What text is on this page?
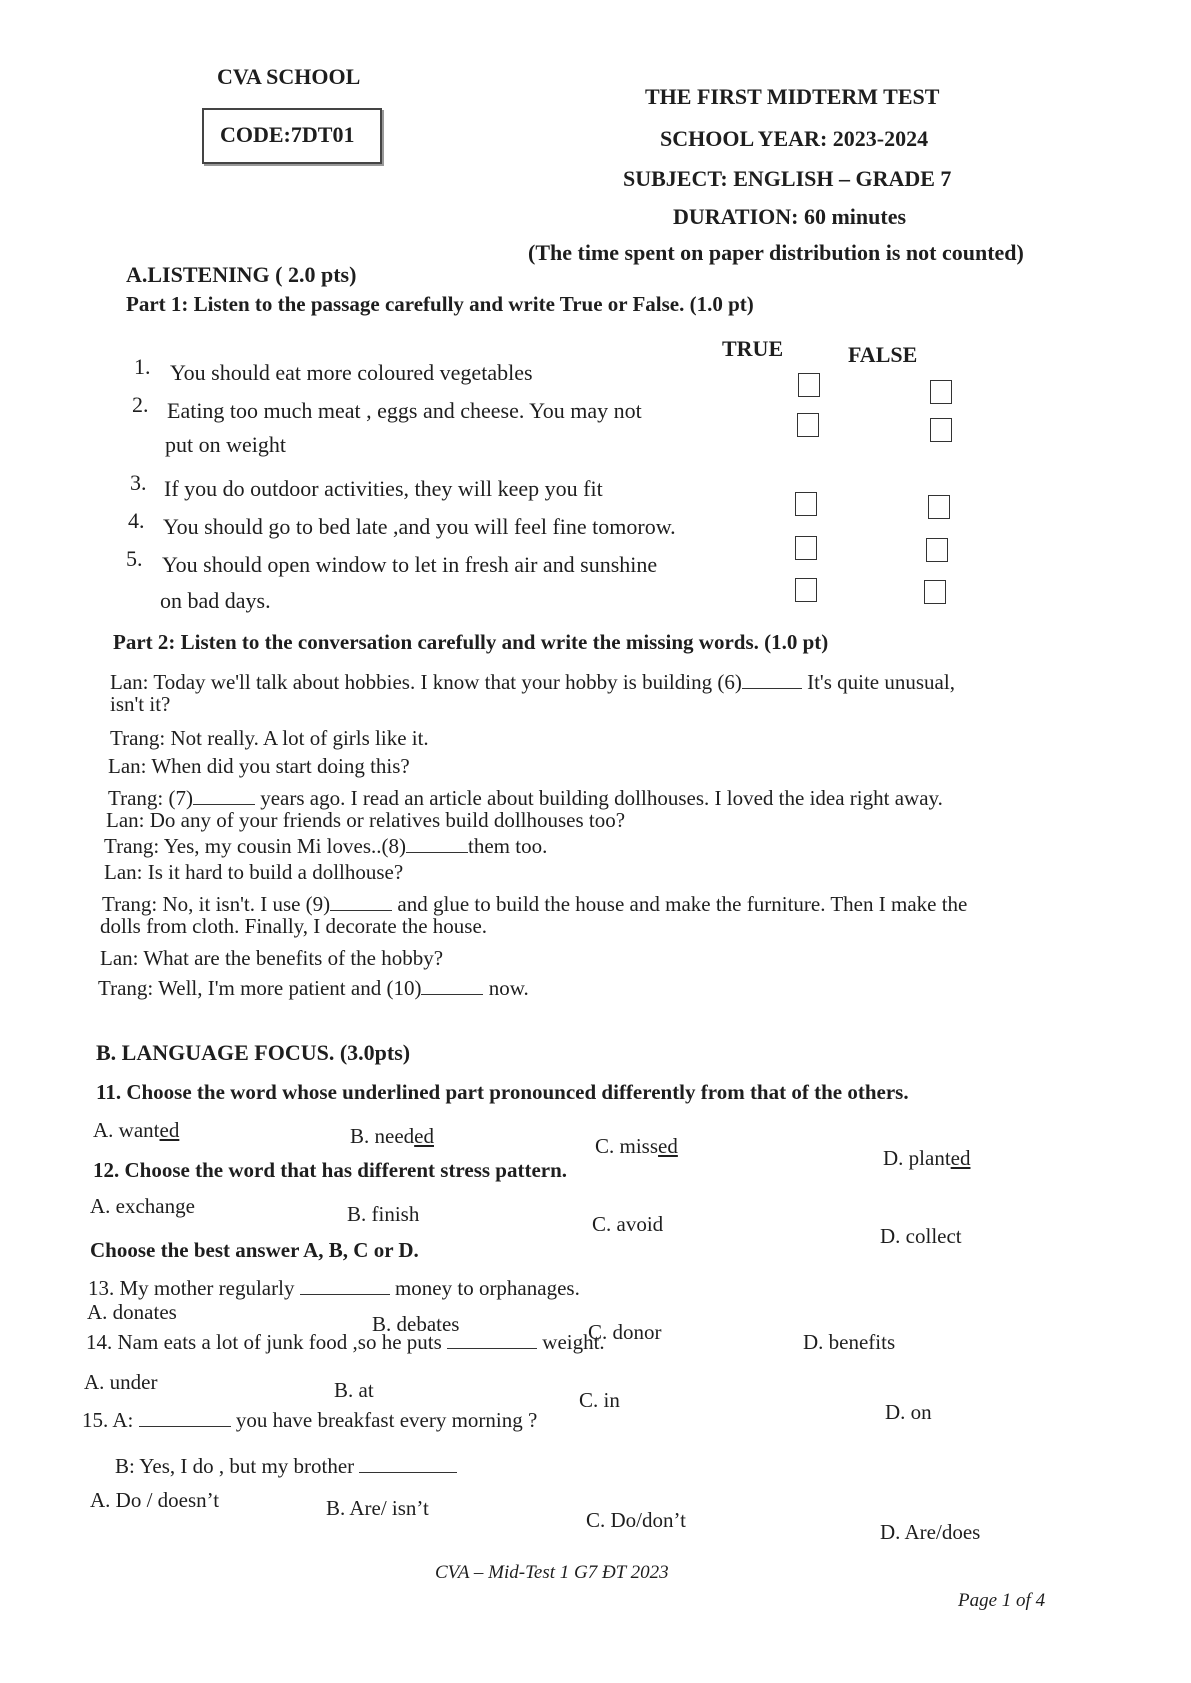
CVA SCHOOL
CODE:7DT01
THE FIRST MIDTERM TEST
SCHOOL YEAR: 2023-2024
SUBJECT: ENGLISH – GRADE 7
DURATION: 60 minutes
(The time spent on paper distribution is not counted)
A.LISTENING ( 2.0 pts)
Part 1: Listen to the passage carefully and write True or False. (1.0 pt)
TRUE	FALSE
1. You should eat more coloured vegetables
2. Eating too much meat , eggs and cheese. You may not
put on weight
3. If you do outdoor activities, they will keep you fit
4. You should go to bed late ,and you will feel fine tomorow.
5. You should open window to let in fresh air and sunshine
on bad days.
Part 2: Listen to the conversation carefully and write the missing words. (1.0 pt)
Lan: Today we'll talk about hobbies. I know that your hobby is building (6)	It's quite unusual,
isn't it?
Trang: Not really. A lot of girls like it.
Lan: When did you start doing this?
Trang: (7)	years ago. I read an article about building dollhouses. I loved the idea right away.
Lan: Do any of your friends or relatives build dollhouses too?
Trang: Yes, my cousin Mi loves..(8)	them too.
Lan: Is it hard to build a dollhouse?
Trang: No, it isn't. I use (9)	and glue to build the house and make the furniture. Then I make the
dolls from cloth. Finally, I decorate the house.
Lan: What are the benefits of the hobby?
Trang: Well, I'm more patient and (10)	now.
B. LANGUAGE FOCUS. (3.0pts)
11. Choose the word whose underlined part pronounced differently from that of the others.
A. wanted	B. needed	C. missed	D. planted
12. Choose the word that has different stress pattern.
A. exchange	B. finish	C. avoid	D. collect
Choose the best answer A, B, C or D.
13. My mother regularly	money to orphanages.
A. donates	B. debates	C. donor	D. benefits
14. Nam eats a lot of junk food ,so he puts	weight.
A. under	B. at	C. in	D. on
15. A:	you have breakfast every morning ?
B: Yes, I do , but my brother
A. Do / doesn’t	B. Are/ isn’t	C. Do/don’t	D. Are/does
CVA – Mid-Test 1 G7 ĐT 2023
Page 1 of 4
